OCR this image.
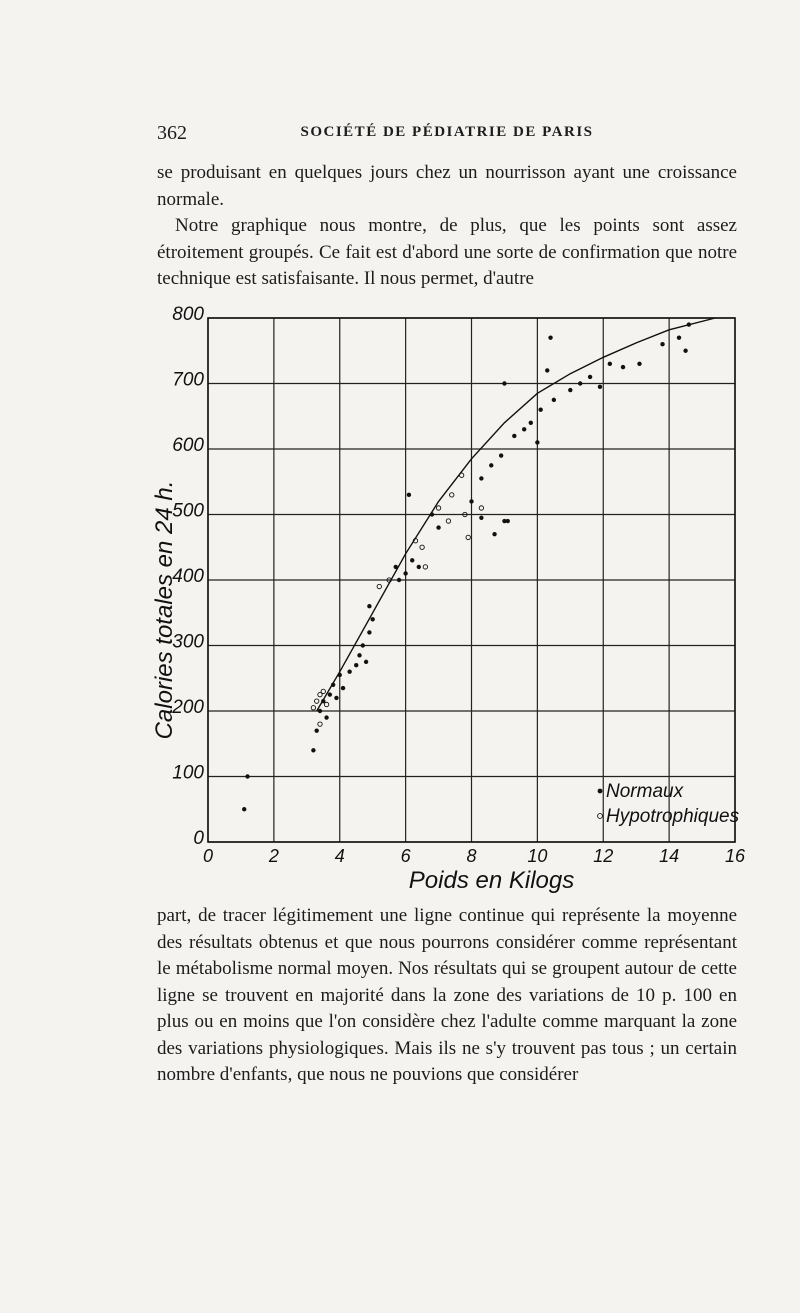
362	SOCIÉTÉ DE PÉDIATRIE DE PARIS

se produisant en quelques jours chez un nourrisson ayant une croissance normale.

Notre graphique nous montre, de plus, que les points sont assez étroitement groupés. Ce fait est d'abord une sorte de confirmation que notre technique est satisfaisante. Il nous permet, d'autre

0
100
200
300
400
500
600
700
800
0	2	4	6	8	10	12	14	16
Poids en Kilogs
Calories totales en 24 h.
Normaux
Hypotrophiques

part, de tracer légitimement une ligne continue qui représente la moyenne des résultats obtenus et que nous pourrons considérer comme représentant le métabolisme normal moyen. Nos résultats qui se groupent autour de cette ligne se trouvent en majorité dans la zone des variations de 10 p. 100 en plus ou en moins que l'on considère chez l'adulte comme marquant la zone des variations physiologiques. Mais ils ne s'y trouvent pas tous ; un certain nombre d'enfants, que nous ne pouvions que considérer
